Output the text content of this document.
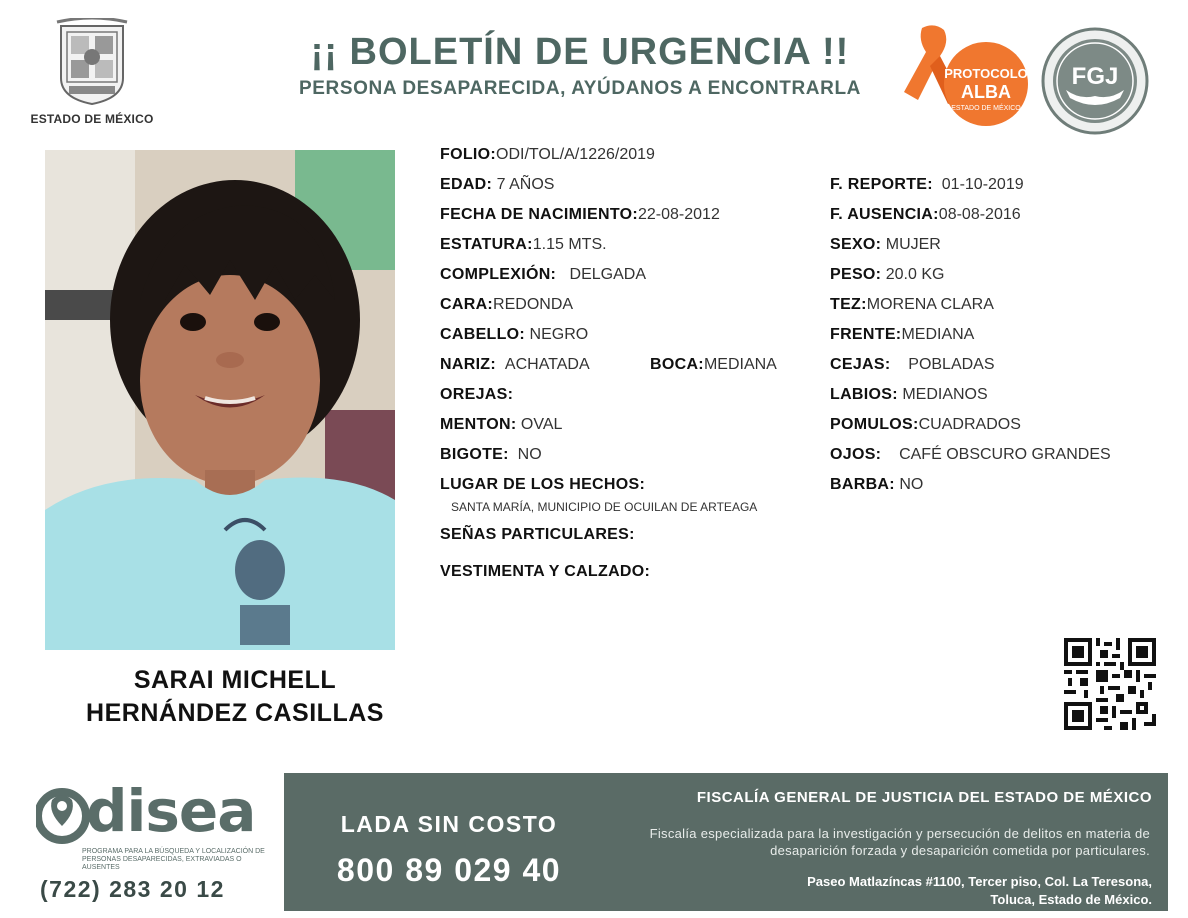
ESTADO DE MÉXICO
¡¡ BOLETÍN DE URGENCIA !!
PERSONA DESAPARECIDA, AYÚDANOS A ENCONTRARLA
PROTOCOLO
ALBA
ESTADO DE MÉXICO
FGJ
SARAI MICHELL
HERNÁNDEZ CASILLAS
FOLIO:ODI/TOL/A/1226/2019
EDAD: 7 AÑOS
FECHA DE NACIMIENTO:22-08-2012
ESTATURA:1.15 MTS.
COMPLEXIÓN: DELGADA
CARA:REDONDA
CABELLO: NEGRO
NARIZ: ACHATADA	BOCA:MEDIANA
OREJAS:
MENTON: OVAL
BIGOTE: NO
LUGAR DE LOS HECHOS:
SANTA MARÍA, MUNICIPIO DE OCUILAN DE ARTEAGA
SEÑAS PARTICULARES:
VESTIMENTA Y CALZADO:
F. REPORTE: 01-10-2019
F. AUSENCIA:08-08-2016
SEXO: MUJER
PESO: 20.0 KG
TEZ:MORENA CLARA
FRENTE:MEDIANA
CEJAS: POBLADAS
LABIOS: MEDIANOS
POMULOS:CUADRADOS
OJOS: CAFÉ OBSCURO GRANDES
BARBA: NO
disea
PROGRAMA PARA LA BÚSQUEDA Y LOCALIZACIÓN DE PERSONAS DESAPARECIDAS, EXTRAVIADAS O AUSENTES
(722) 283 20 12
LADA SIN COSTO
800 89 029 40
FISCALÍA GENERAL DE JUSTICIA DEL ESTADO DE MÉXICO
Fiscalía especializada para la investigación y persecución de delitos en materia de desaparición forzada y desaparición cometida por particulares.
Paseo Matlazíncas #1100, Tercer piso, Col. La Teresona,
Toluca, Estado de México.
